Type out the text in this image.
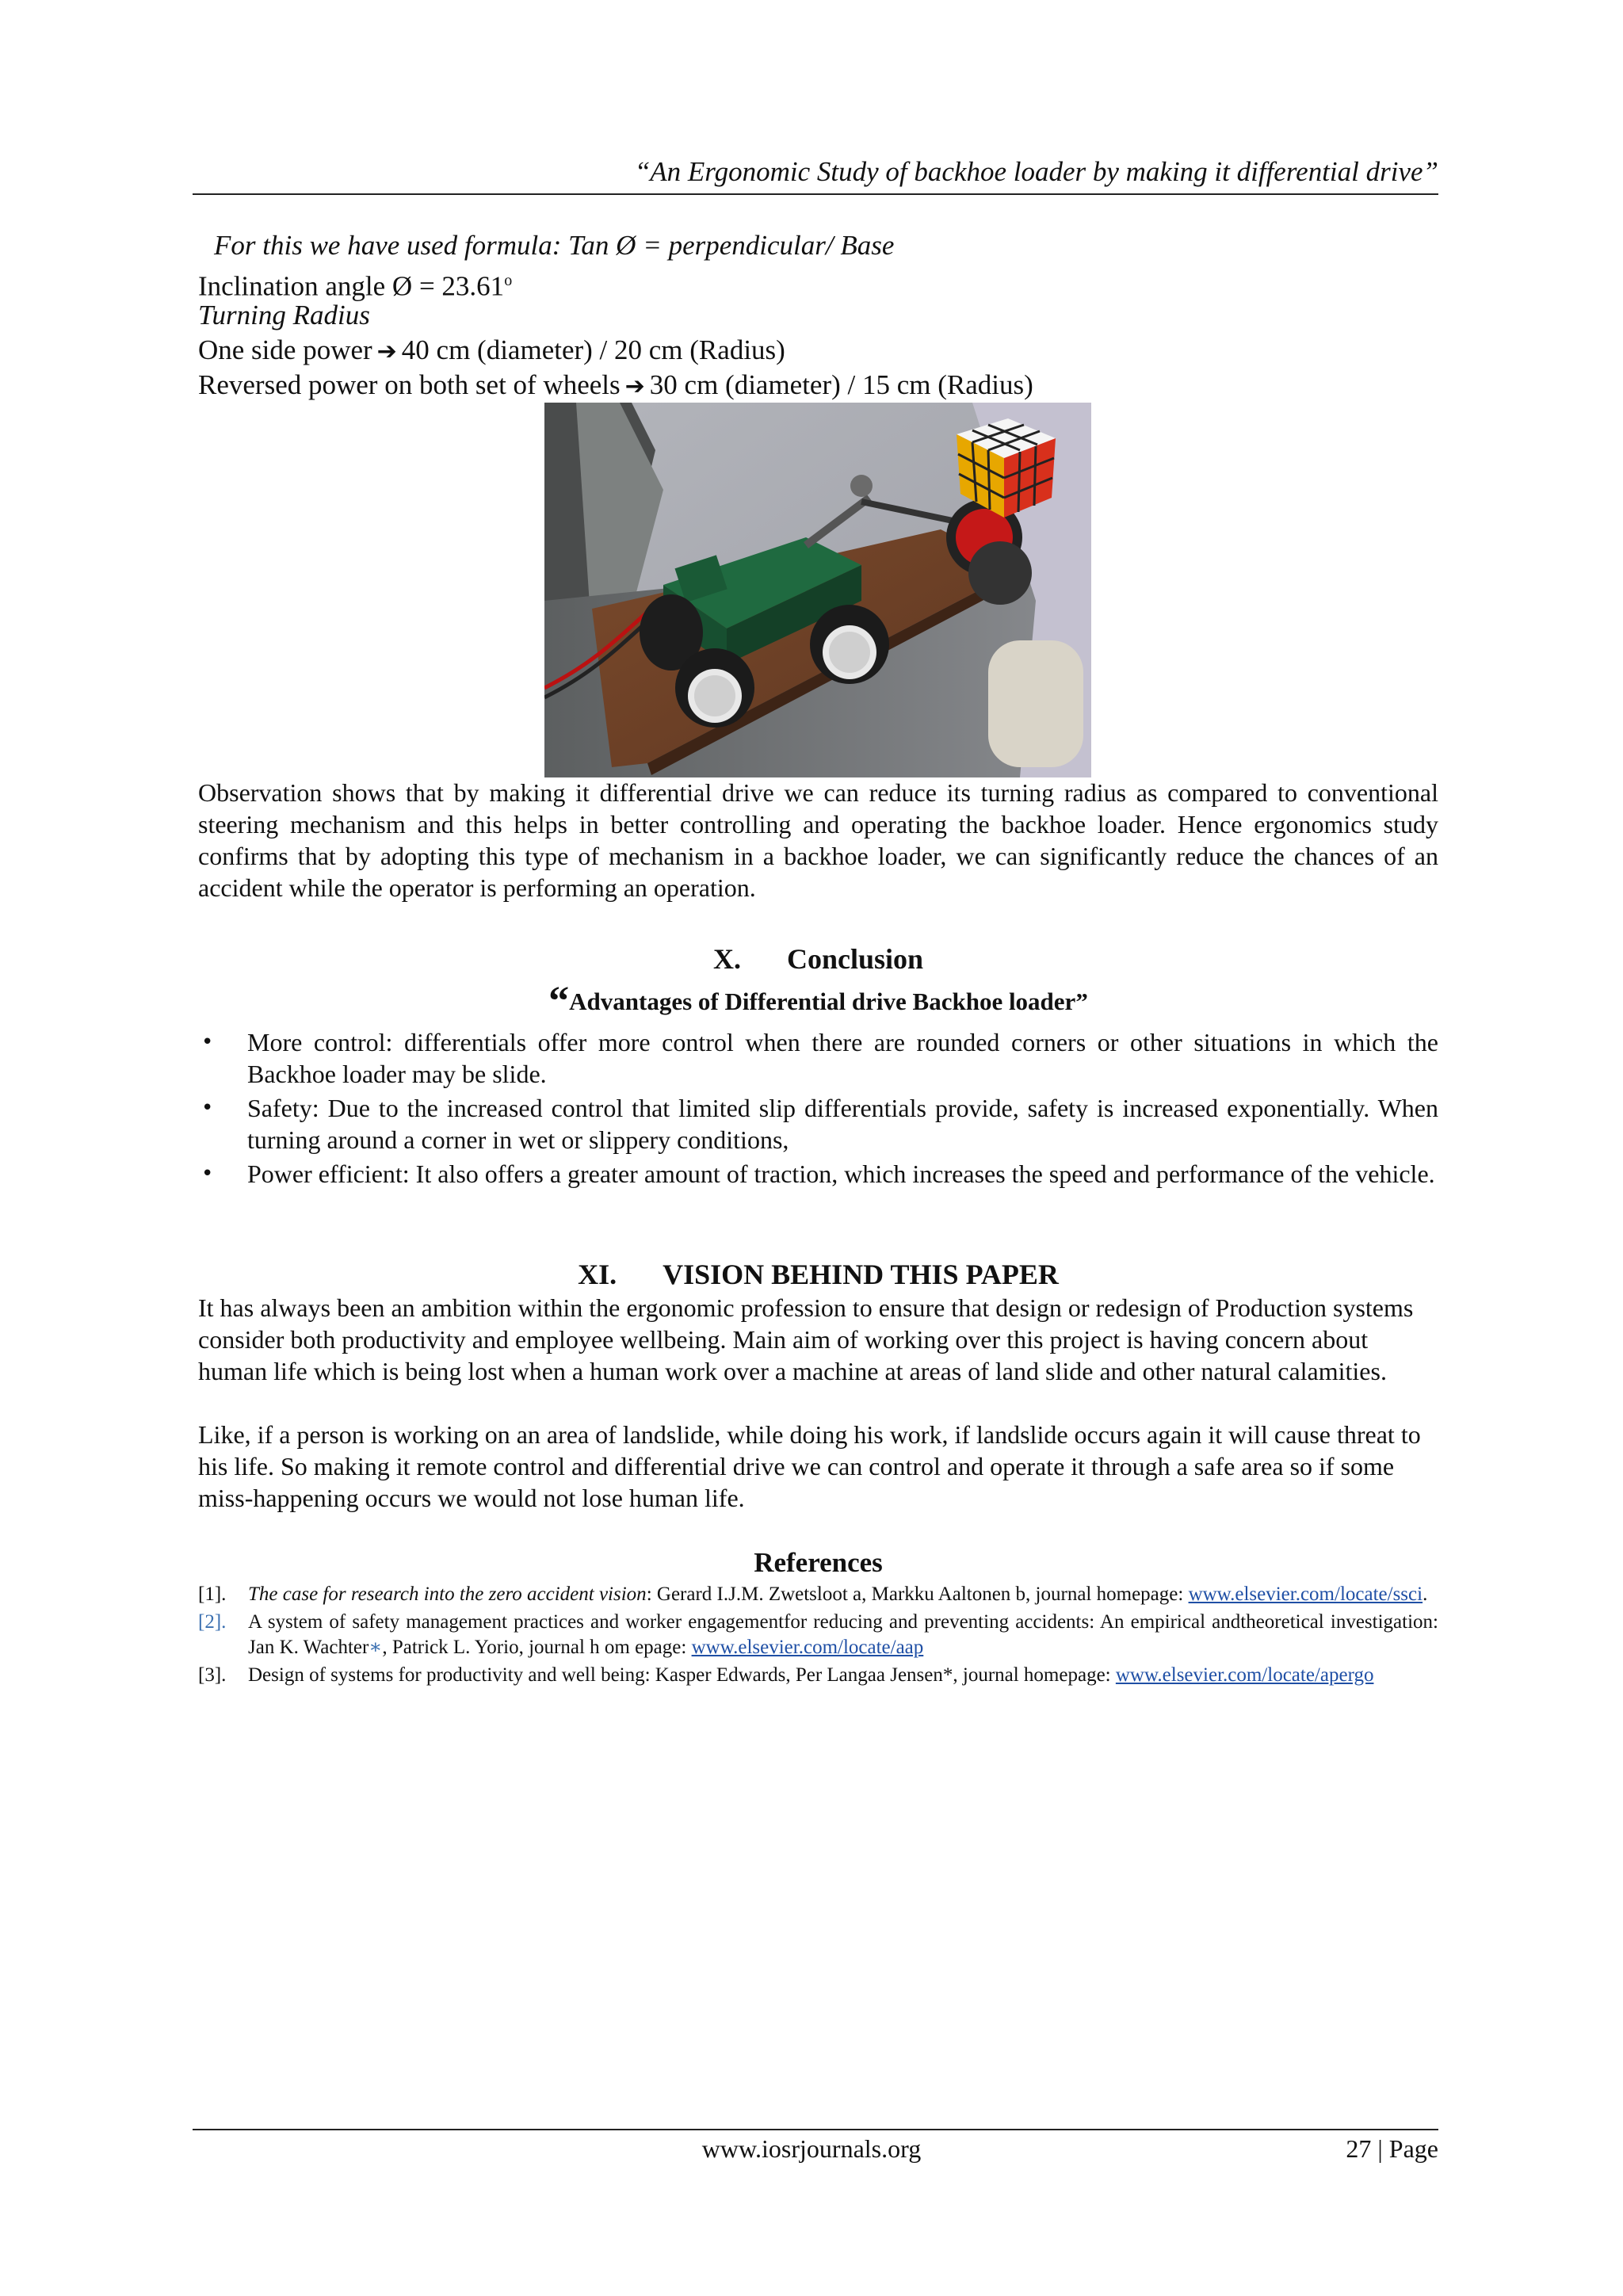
“An Ergonomic Study of backhoe loader by making it differential drive”
For this we have used formula: Tan Ø = perpendicular/ Base
Inclination angle Ø = $23.61^o$
Turning Radius
One side power ➔ 40 cm (diameter) / 20 cm (Radius)
Reversed power on both set of wheels ➔ 30 cm (diameter) / 15 cm (Radius)
Observation shows that by making it differential drive we can reduce its turning radius as compared to conventional steering mechanism and this helps in better controlling and operating the backhoe loader. Hence ergonomics study confirms that by adopting this type of mechanism in a backhoe loader, we can significantly reduce the chances of an accident while the operator is performing an operation.
X. Conclusion
“Advantages of Differential drive Backhoe loader”
• More control: differentials offer more control when there are rounded corners or other situations in which the Backhoe loader may be slide.
• Safety: Due to the increased control that limited slip differentials provide, safety is increased exponentially. When turning around a corner in wet or slippery conditions,
• Power efficient: It also offers a greater amount of traction, which increases the speed and performance of the vehicle.
XI. VISION BEHIND THIS PAPER
It has always been an ambition within the ergonomic profession to ensure that design or redesign of Production systems consider both productivity and employee wellbeing. Main aim of working over this project is having concern about human life which is being lost when a human work over a machine at areas of land slide and other natural calamities.
Like, if a person is working on an area of landslide, while doing his work, if landslide occurs again it will cause threat to his life. So making it remote control and differential drive we can control and operate it through a safe area so if some miss-happening occurs we would not lose human life.
References
[1]. The case for research into the zero accident vision: Gerard I.J.M. Zwetsloot a, Markku Aaltonen b, journal homepage: www.elsevier.com/locate/ssci.
[2]. A system of safety management practices and worker engagementfor reducing and preventing accidents: An empirical andtheoretical investigation: Jan K. Wachter∗, Patrick L. Yorio, journal h om epage: www.elsevier.com/locate/aap
[3]. Design of systems for productivity and well being: Kasper Edwards, Per Langaa Jensen*, journal homepage: www.elsevier.com/locate/apergo
www.iosrjournals.org	27 | Page
